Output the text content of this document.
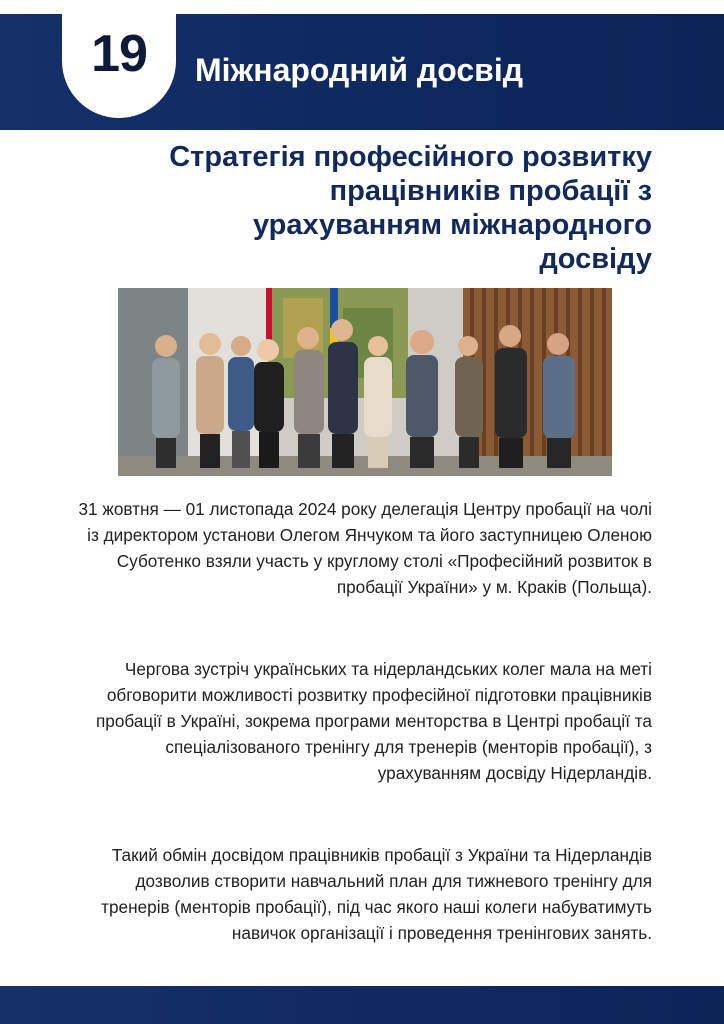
19	Міжнародний досвід
Стратегія професійного розвитку
працівників пробації з
урахуванням міжнародного
досвіду

31 жовтня — 01 листопада 2024 року делегація Центру пробації на чолі із директором установи Олегом Янчуком та його заступницею Оленою Суботенко взяли участь у круглому столі «Професійний розвиток в пробації України» у м. Краків (Польща).

Чергова зустріч українських та нідерландських колег мала на меті обговорити можливості розвитку професійної підготовки працівників пробації в Україні, зокрема програми менторства в Центрі пробації та спеціалізованого тренінгу для тренерів (менторів пробації), з урахуванням досвіду Нідерландів.

Такий обмін досвідом працівників пробації з України та Нідерландів дозволив створити навчальний план для тижневого тренінгу для тренерів (менторів пробації), під час якого наші колеги набуватимуть навичок організації і проведення тренінгових занять.
